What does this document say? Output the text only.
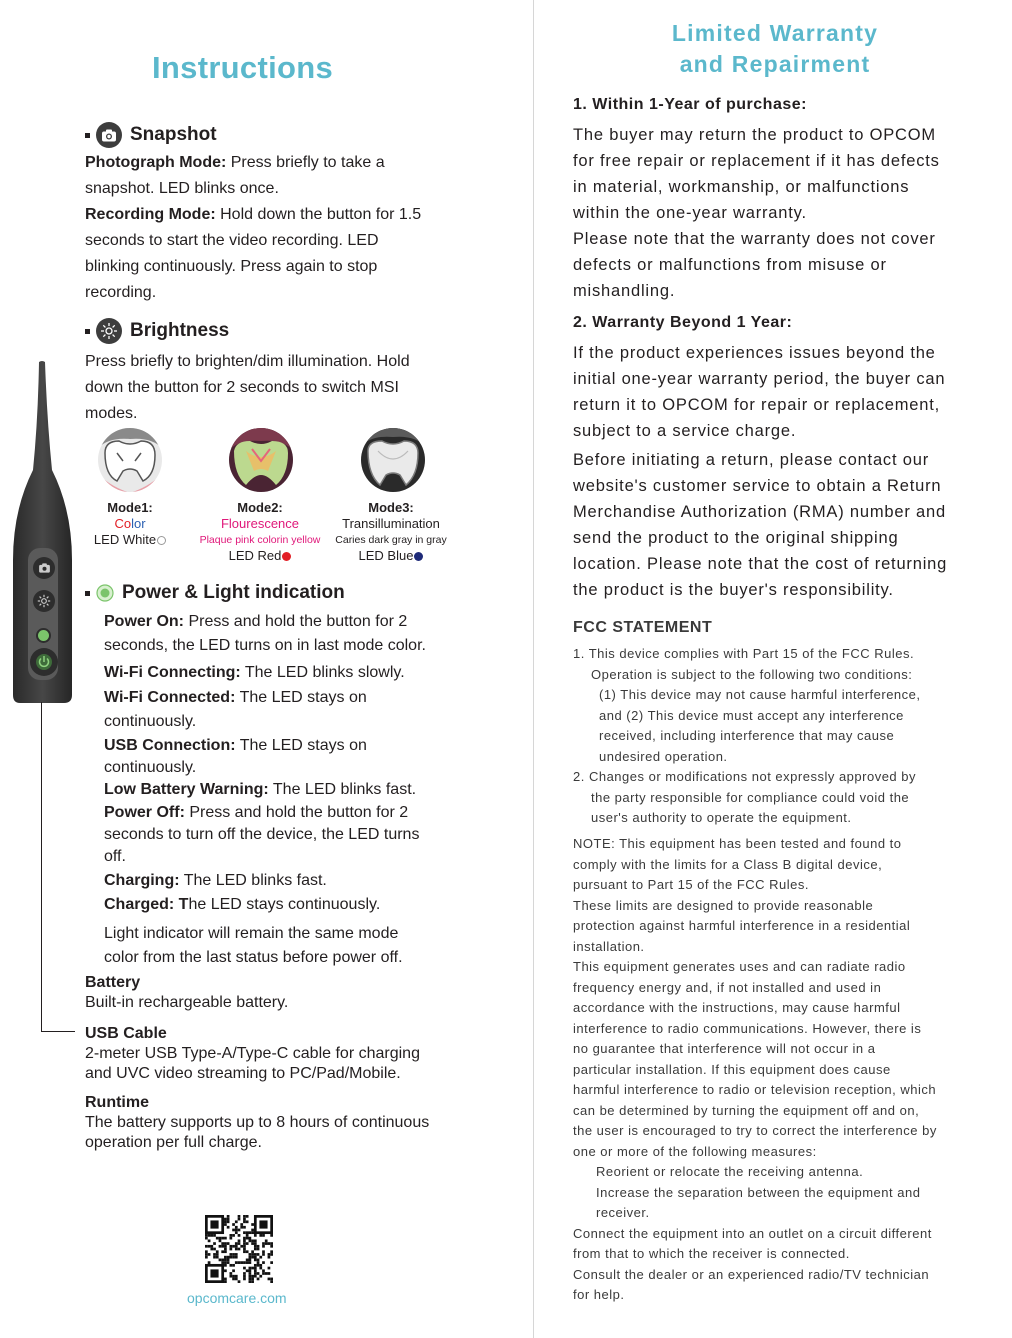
Instructions
Snapshot
Photograph Mode: Press briefly to take a
snapshot. LED blinks once.
Recording Mode: Hold down the button for 1.5
seconds to start the video recording. LED
blinking continuously. Press again to stop
recording.
Brightness
Press briefly to brighten/dim illumination. Hold
down the button for 2 seconds to switch MSI
modes.
Mode1:
Color
LED White
Mode2:
Flourescence
Plaque pink colorin yellow
LED Red
Mode3:
Transillumination
Caries dark gray in gray
LED Blue
Power & Light indication
Power On: Press and hold the button for 2
seconds, the LED turns on in last mode color.
Wi-Fi Connecting: The LED blinks slowly.
Wi-Fi Connected: The LED stays on
continuously.
USB Connection: The LED stays on
continuously.
Low Battery Warning: The LED blinks fast.
Power Off: Press and hold the button for 2
seconds to turn off the device, the LED turns
off.
Charging: The LED blinks fast.
Charged: The LED stays continuously.
Light indicator will remain the same mode
color from the last status before power off.
Battery
Built-in rechargeable battery.
USB Cable
2-meter USB Type-A/Type-C cable for charging
and UVC video streaming to PC/Pad/Mobile.
Runtime
The battery supports up to 8 hours of continuous
operation per full charge.
opcomcare.com
Limited Warranty
and Repairment
1. Within 1-Year of purchase:
The buyer may return the product to OPCOM
for free repair or replacement if it has defects
in material, workmanship, or malfunctions
within the one-year warranty.
Please note that the warranty does not cover
defects or malfunctions from misuse or
mishandling.
2. Warranty Beyond 1 Year:
If the product experiences issues beyond the
initial one-year warranty period, the buyer can
return it to OPCOM for repair or replacement,
subject to a service charge.
Before initiating a return, please contact our
website's customer service to obtain a Return
Merchandise Authorization (RMA) number and
send the product to the original shipping
location. Please note that the cost of returning
the product is the buyer's responsibility.
FCC STATEMENT
1. This device complies with Part 15 of the FCC Rules.
Operation is subject to the following two conditions:
(1) This device may not cause harmful interference,
and (2) This device must accept any interference
received, including interference that may cause
undesired operation.
2. Changes or modifications not expressly approved by
the party responsible for compliance could void the
user's authority to operate the equipment.
NOTE: This equipment has been tested and found to
comply with the limits for a Class B digital device,
pursuant to Part 15 of the FCC Rules.
These limits are designed to provide reasonable
protection against harmful interference in a residential
installation.
This equipment generates uses and can radiate radio
frequency energy and, if not installed and used in
accordance with the instructions, may cause harmful
interference to radio communications. However, there is
no guarantee that interference will not occur in a
particular installation. If this equipment does cause
harmful interference to radio or television reception, which
can be determined by turning the equipment off and on,
the user is encouraged to try to correct the interference by
one or more of the following measures:
Reorient or relocate the receiving antenna.
Increase the separation between the equipment and
receiver.
Connect the equipment into an outlet on a circuit different
from that to which the receiver is connected.
Consult the dealer or an experienced radio/TV technician
for help.
